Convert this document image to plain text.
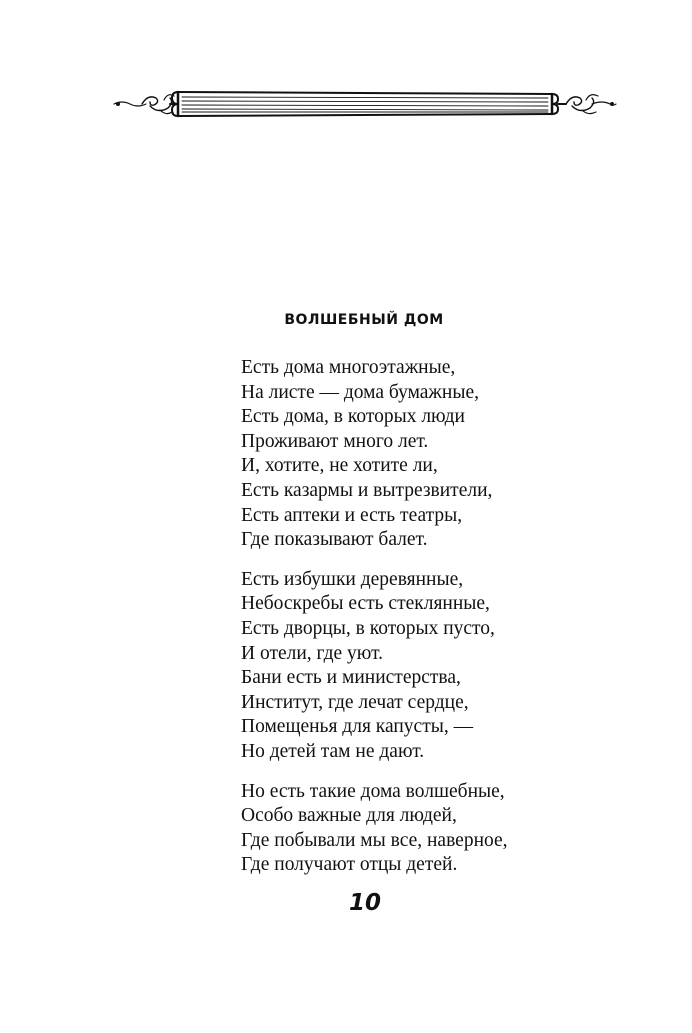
ВОЛШЕБНЫЙ ДОМ
Есть дома многоэтажные,
На листе — дома бумажные,
Есть дома, в которых люди
Проживают много лет.
И, хотите, не хотите ли,
Есть казармы и вытрезвители,
Есть аптеки и есть театры,
Где показывают балет.
Есть избушки деревянные,
Небоскребы есть стеклянные,
Есть дворцы, в которых пусто,
И отели, где уют.
Бани есть и министерства,
Институт, где лечат сердце,
Помещенья для капусты, —
Но детей там не дают.
Но есть такие дома волшебные,
Особо важные для людей,
Где побывали мы все, наверное,
Где получают отцы детей.
10
